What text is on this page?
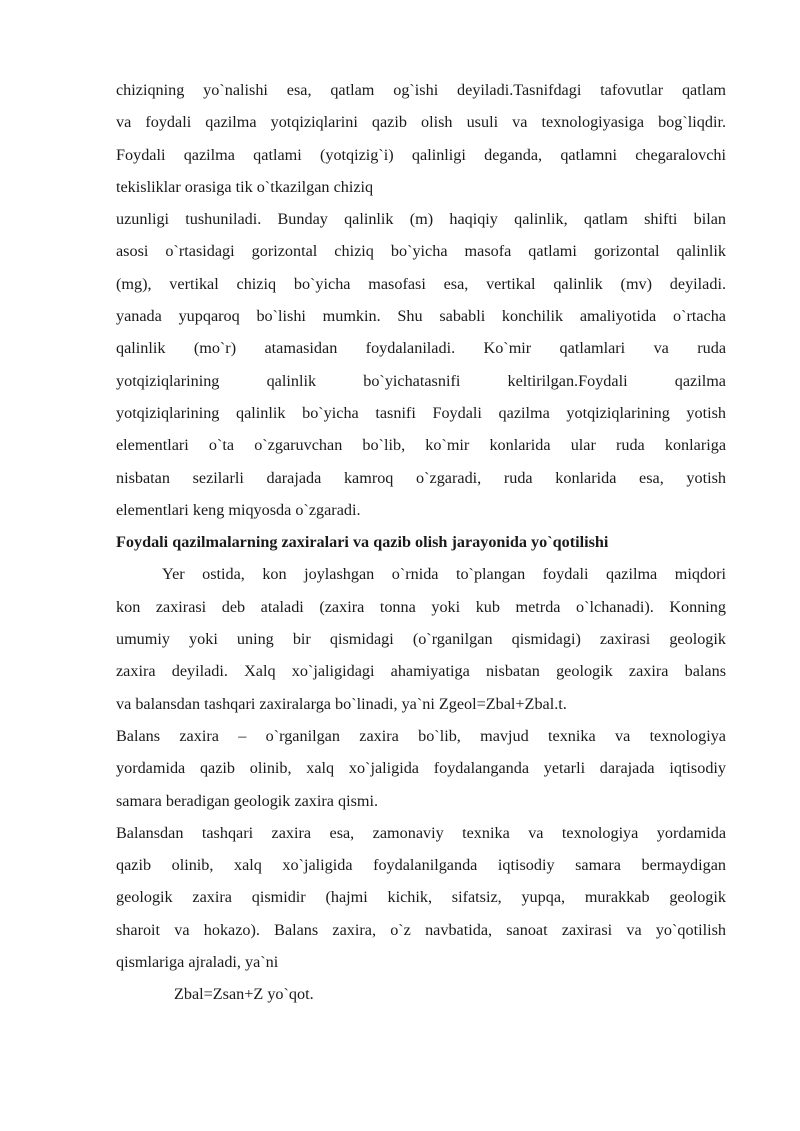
chiziqning yo`nalishi esa, qatlam og`ishi deyiladi.Tasnifdagi tafovutlar qatlam

va foydali qazilma yotqiziqlarini qazib olish usuli va texnologiyasiga bog`liqdir.

Foydali qazilma qatlami (yotqizig`i) qalinligi deganda, qatlamni chegaralovchi

tekisliklar orasiga tik o`tkazilgan chiziq

uzunligi tushuniladi. Bunday qalinlik (m) haqiqiy qalinlik, qatlam shifti bilan

asosi o`rtasidagi gorizontal chiziq bo`yicha masofa qatlami gorizontal qalinlik

(mg), vertikal chiziq bo`yicha masofasi esa, vertikal qalinlik (mv) deyiladi.

yanada yupqaroq bo`lishi mumkin. Shu sababli konchilik amaliyotida o`rtacha

qalinlik (mo`r) atamasidan foydalaniladi. Ko`mir qatlamlari va ruda

yotqiziqlarining qalinlik bo`yichatasnifi keltirilgan.Foydali qazilma

yotqiziqlarining qalinlik bo`yicha tasnifi Foydali qazilma yotqiziqlarining yotish

elementlari o`ta o`zgaruvchan bo`lib, ko`mir konlarida ular ruda konlariga

nisbatan sezilarli darajada kamroq o`zgaradi, ruda konlarida esa, yotish

elementlari keng miqyosda o`zgaradi.

Foydali qazilmalarning zaxiralari va qazib olish jarayonida yo`qotilishi

Yer ostida, kon joylashgan o`rnida to`plangan foydali qazilma miqdori

kon zaxirasi deb ataladi (zaxira tonna yoki kub metrda o`lchanadi). Konning

umumiy yoki uning bir qismidagi (o`rganilgan qismidagi) zaxirasi geologik

zaxira deyiladi. Xalq xo`jaligidagi ahamiyatiga nisbatan geologik zaxira balans

va balansdan tashqari zaxiralarga bo`linadi, ya`ni Zgeol=Zbal+Zbal.t.

Balans zaxira – o`rganilgan zaxira bo`lib, mavjud texnika va texnologiya

yordamida qazib olinib, xalq xo`jaligida foydalanganda yetarli darajada iqtisodiy

samara beradigan geologik zaxira qismi.

Balansdan tashqari zaxira esa, zamonaviy texnika va texnologiya yordamida

qazib olinib, xalq xo`jaligida foydalanilganda iqtisodiy samara bermaydigan

geologik zaxira qismidir (hajmi kichik, sifatsiz, yupqa, murakkab geologik

sharoit va hokazo). Balans zaxira, o`z navbatida, sanoat zaxirasi va yo`qotilish

qismlariga ajraladi, ya`ni

Zbal=Zsan+Z yo`qot.
